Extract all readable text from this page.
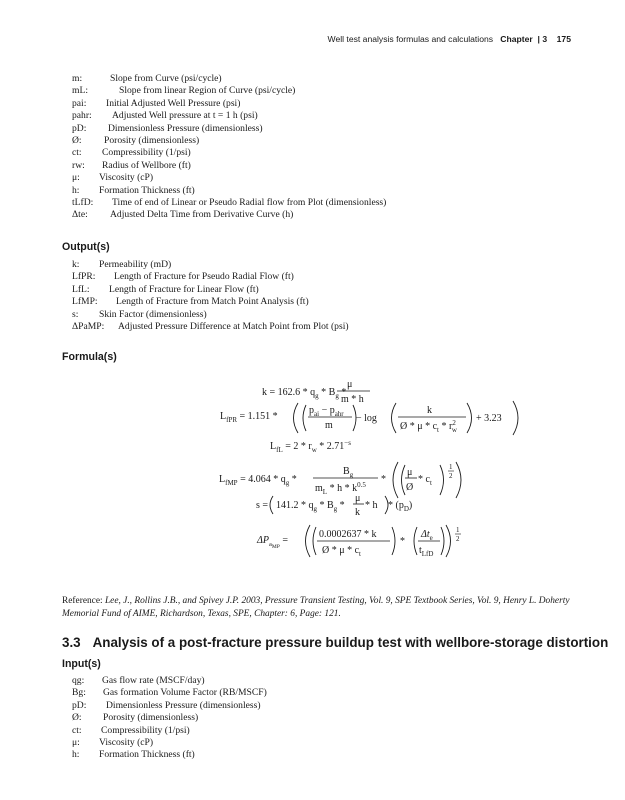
Well test analysis formulas and calculations Chapter  | 3 175
m:	Slope from Curve (psi/cycle)
mL:	Slope from linear Region of Curve (psi/cycle)
pai: Initial Adjusted Well Pressure (psi)
pahr: Adjusted Well pressure at t = 1 h (psi)
pD: Dimensionless Pressure (dimensionless)
Ø: Porosity (dimensionless)
ct: Compressibility (1/psi)
rw: Radius of Wellbore (ft)
μ: Viscosity (cP)
h: Formation Thickness (ft)
tLfD: Time of end of Linear or Pseudo Radial flow from Plot (dimensionless)
Δte: Adjusted Delta Time from Derivative Curve (h)
Output(s)
k: Permeability (mD)
LfPR: Length of Fracture for Pseudo Radial Flow (ft)
LfL: Length of Fracture for Linear Flow (ft)
LfMP: Length of Fracture from Match Point Analysis (ft)
s: Skin Factor (dimensionless)
ΔPaMP: Adjusted Pressure Difference at Match Point from Plot (psi)
Formula(s)
$k = 162.6 * q_g * B_g$ *
μ
m * h
$L_{fPR} = 1.151$ *
$p_{ai} - p_{ahr}$
m
− log
k
Ø * μ * $c_t * r^2$ w
+ 3.23
$L_{fL} = 2 * r_w * 2.71^{-s}$
$L_{fMP} = 4.064 * q_g$ *
$B_g$
$m_L$ * h * $k^{0.5}$ *
μ
Ø
* $c_t$
1
2
$s = 141.2 * q_g * B_g$ *
μ
k
* h * $(p_D)$
$\Delta P_{aMP}$ =
0.0002637 * k
Ø * μ * $c_t$
*
$\Delta t_e$
$t_{LfD}$
1
2
Reference: Lee, J., Rollins J.B., and Spivey J.P. 2003, Pressure Transient Testing, Vol. 9, SPE Textbook Series, Vol. 9, Henry L. Doherty Memorial Fund of AIME, Richardson, Texas, SPE, Chapter: 6, Page: 121.
3.3 Analysis of a post-fracture pressure buildup test with wellbore-storage distortion
Input(s)
qg: Gas flow rate (MSCF/day)
Bg: Gas formation Volume Factor (RB/MSCF)
pD: Dimensionless Pressure (dimensionless)
Ø: Porosity (dimensionless)
ct: Compressibility (1/psi)
μ: Viscosity (cP)
h: Formation Thickness (ft)
